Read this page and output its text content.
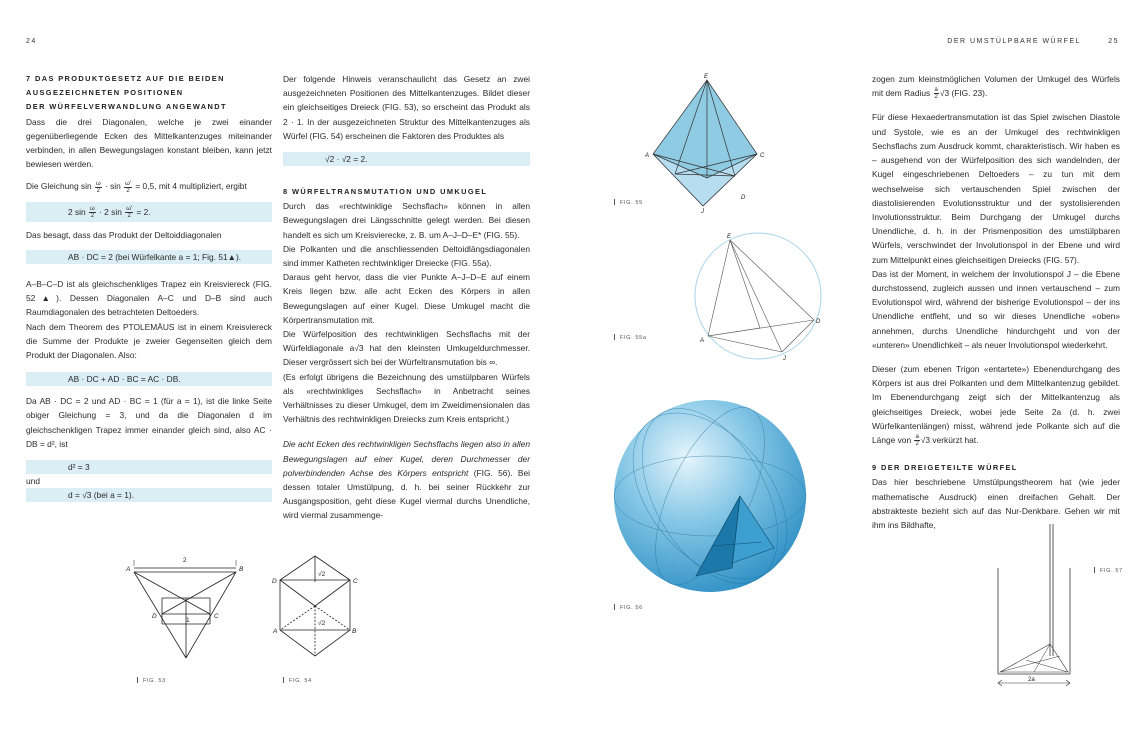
24	DER UMSTÜLPBARE WÜRFEL	25
7 DAS PRODUKTGESETZ AUF DIE BEIDEN
AUSGEZEICHNETEN POSITIONEN
DER WÜRFELVERWANDLUNG ANGEWANDT
Dass die drei Diagonalen, welche je zwei einander gegenüberliegende Ecken des Mittelkantenzuges miteinander verbinden, in allen Bewegungslagen konstant bleiben, kann jetzt bewiesen werden.
Die Gleichung $\sin \frac{\omega}{2} \cdot \sin \frac{\omega'}{2} = 0,5$, mit 4 multipliziert, ergibt
2 $\sin \frac{\omega}{2} \cdot 2$ $\sin \frac{\omega'}{2} = 2$.
Das besagt, dass das Produkt der Deltoiddiagonalen
AB · DC = 2 (bei Würfelkante a = 1; Fig. 51▲).
A–B–C–D ist als gleichschenkliges Trapez ein Kreisviereck (FIG. 52▲). Dessen Diagonalen A–C und D–B sind auch Raumdiagonalen des betrachteten Deltoeders.
Nach dem Theorem des PTOLEMÄUS ist in einem Kreisviereck die Summe der Produkte je zweier Gegenseiten gleich dem Produkt der Diagonalen. Also:
AB · DC + AD · BC = AC · DB.
Da AB · DC = 2 und AD · BC = 1 (für a = 1), ist die linke Seite obiger Gleichung = 3, und da die Diagonalen d im gleichschenkligen Trapez immer einander gleich sind, also AC · DB = d², ist
d² = 3
und
d = √3 (bei a = 1).
Der folgende Hinweis veranschaulicht das Gesetz an zwei ausgezeichneten Positionen des Mittelkantenzuges. Bildet dieser ein gleichseitiges Dreieck (FIG. 53), so erscheint das Produkt als 2 · 1. In der ausgezeichneten Struktur des Mittelkantenzuges als Würfel (FIG. 54) erscheinen die Faktoren des Produktes als
√2 · √2 = 2.
8 WÜRFELTRANSMUTATION UND UMKUGEL
Durch das «rechtwinklige Sechsflach» können in allen Bewegungslagen drei Längsschnitte gelegt werden. Bei diesen handelt es sich um Kreisvierecke, z. B. um A–J–D–E* (FIG. 55).
Die Polkanten und die anschliessenden Deltoidlängsdiagonalen sind immer Katheten rechtwinkliger Dreiecke (FIG. 55a).
Daraus geht hervor, dass die vier Punkte A–J–D–E auf einem Kreis liegen bzw. alle acht Ecken des Körpers in allen Bewegungslagen auf einer Kugel. Diese Umkugel macht die Körpertransmutation mit.
Die Würfelposition des rechtwinkligen Sechsflachs mit der Würfeldiagonale a√3 hat den kleinsten Umkugeldurchmesser. Dieser vergrössert sich bei der Würfeltransmutation bis ∞.
(Es erfolgt übrigens die Bezeichnung des umstülpbaren Würfels als «rechtwinkliges Sechsflach» in Anbetracht seines Verhältnisses zu dieser Umkugel, dem im Zweidimensionalen das Verhältnis des rechtwinkligen Dreiecks zum Kreis entspricht.)
Die acht Ecken des rechtwinkligen Sechsflachs liegen also in allen Bewegungslagen auf einer Kugel, deren Durchmesser der polverbindenden Achse des Körpers entspricht (FIG. 56). Bei dessen totaler Umstülpung, d. h. bei seiner Rückkehr zur Ausgangsposition, geht diese Kugel viermal durchs Unendliche, wird viermal zusammenge-
zogen zum kleinstmöglichen Volumen der Umkugel des Würfels mit dem Radius $\frac{a}{2} √3$ (FIG. 23).
Für diese Hexaedertransmutation ist das Spiel zwischen Diastole und Systole, wie es an der Umkugel des rechtwinkligen Sechsflachs zum Ausdruck kommt, charakteristisch. Wir haben es – ausgehend von der Würfelposition des sich wandelnden, der Kugel eingeschriebenen Deltoeders – zu tun mit dem wechselweise sich vertauschenden Spiel zwischen der diastolisierenden Evolutionsstruktur und der systolisierenden Involutionsstruktur. Beim Durchgang der Umkugel durchs Unendliche, d. h. in der Prismenposition des umstülpbaren Würfels, verschwindet der Involutionspol in der Ebene und wird zum Mittelpunkt eines gleichseitigen Dreiecks (FIG. 57).
Das ist der Moment, in welchem der Involutionspol J – die Ebene durchstossend, zugleich aussen und innen vertauschend – zum Evolutionspol wird, während der bisherige Evolutionspol – der ins Unendliche entfleht, und so wir dieses Unendliche «oben» annehmen, durchs Unendliche hindurchgeht und von der «unteren» Unendlichkeit – als neuer Involutionspol wiederkehrt.
Dieser (zum ebenen Trigon «entartete») Ebenendurchgang des Körpers ist aus drei Polkanten und dem Mittelkantenzug gebildet. Im Ebenendurchgang zeigt sich der Mittelkantenzug als gleichseitiges Dreieck, wobei jede Seite 2a (d. h. zwei Würfelkantenlängen) misst, während jede Polkante sich auf die Länge von $\frac{a}{2} √3$ verkürzt hat.
9 DER DREIGETEILTE WÜRFEL
Das hier beschriebene Umstülpungstheorem hat (wie jeder mathematische Ausdruck) einen dreifachen Gehalt. Der abstrakteste bezieht sich auf das Nur-Denkbare. Gehen wir mit ihm ins Bildhafte,
2
A	B
D	C
1
FIG. 53
D	C
A	B
√2
√2
FIG. 54
E
A	C
D
J
FIG. 55
E
A
D
J
FIG. 55a
FIG. 56
2a
FIG. 57
